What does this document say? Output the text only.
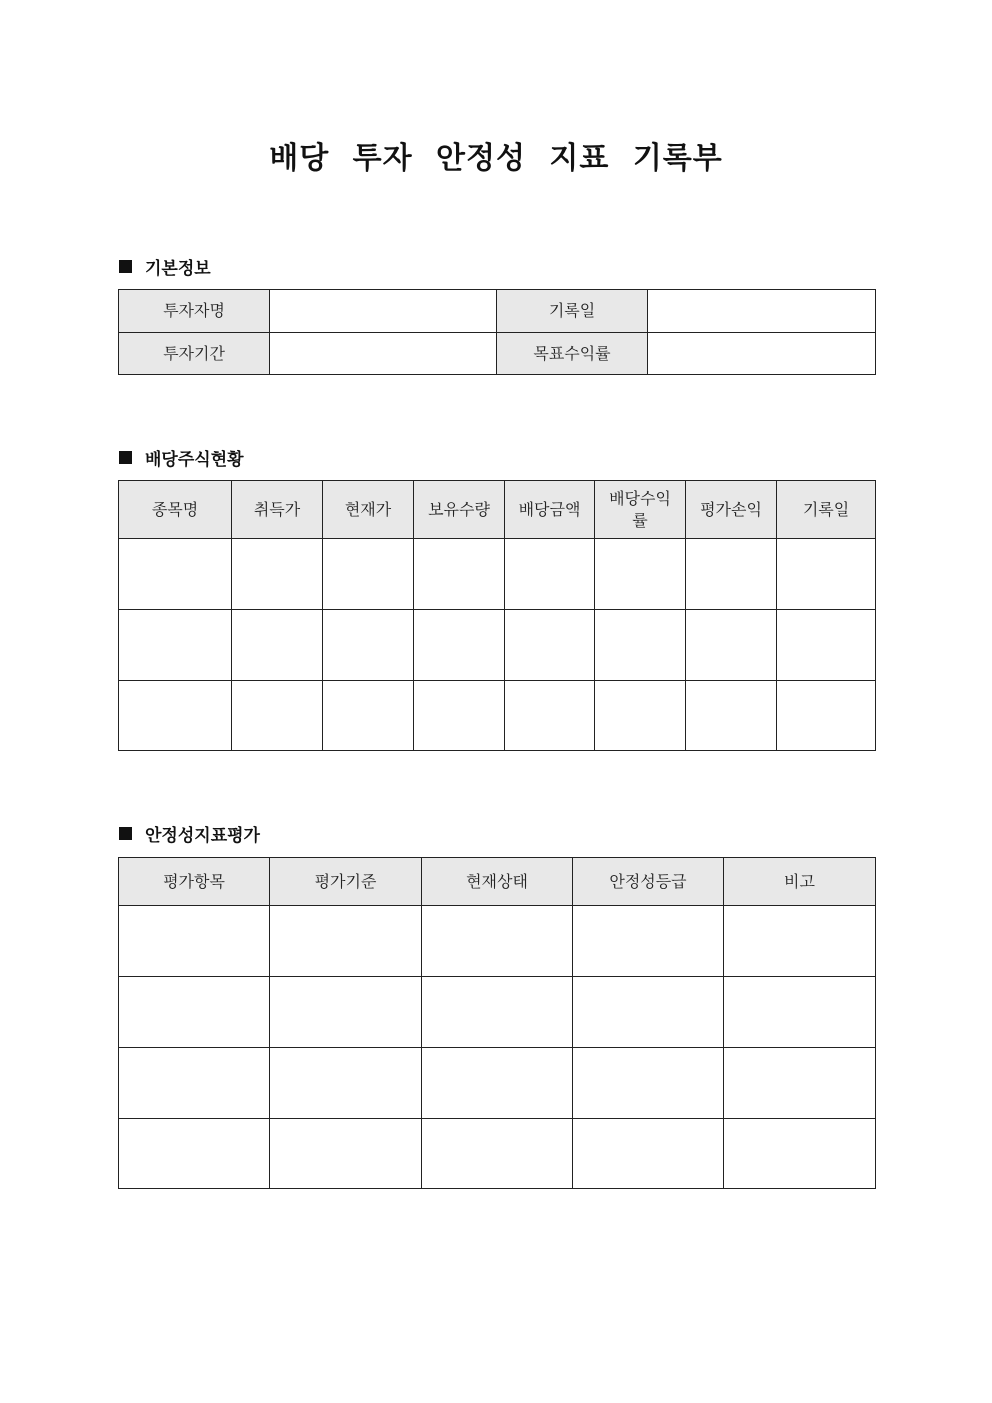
배당 투자 안정성 지표 기록부
기본정보
투자자명		기록일	
투자기간		목표수익률	
배당주식현황
종목명	취득가	현재가	보유수량	배당금액	배당수익률	평가손익	기록일

안정성지표평가
평가항목	평가기준	현재상태	안정성등급	비고
